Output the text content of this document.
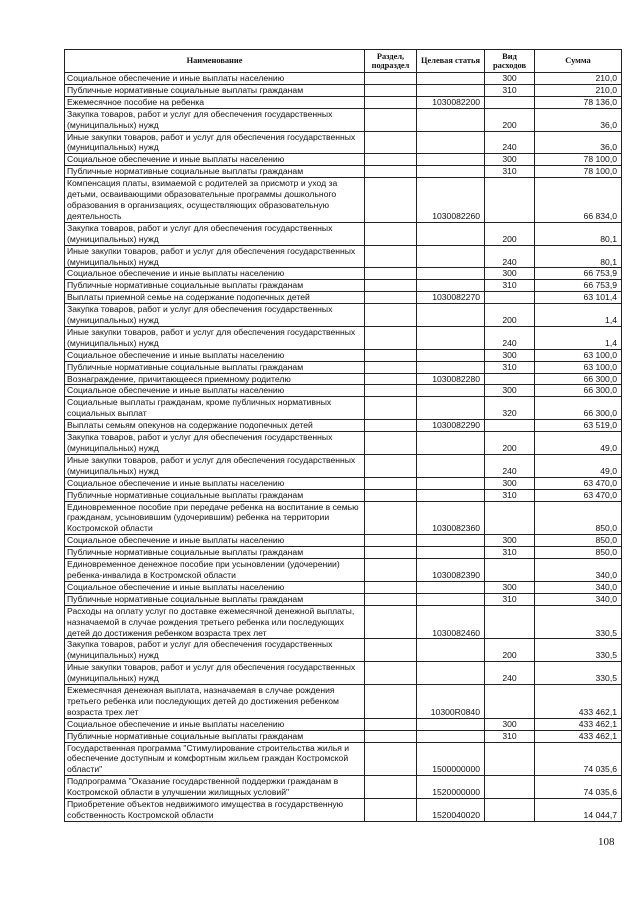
Наименование	Раздел, подраздел	Целевая статья	Вид расходов	Сумма
Социальное обеспечение и иные выплаты населению			300	210,0
Публичные нормативные социальные выплаты гражданам			310	210,0
Ежемесячное пособие на ребенка		1030082200		78 136,0
Закупка товаров, работ и услуг для обеспечения государственных (муниципальных) нужд			200	36,0
Иные закупки товаров, работ и услуг для обеспечения государственных (муниципальных) нужд			240	36,0
Социальное обеспечение и иные выплаты населению			300	78 100,0
Публичные нормативные социальные выплаты гражданам			310	78 100,0
Компенсация платы, взимаемой с родителей за присмотр и уход за детьми, осваивающими образовательные программы дошкольного образования в организациях, осуществляющих образовательную деятельность		1030082260		66 834,0
Закупка товаров, работ и услуг для обеспечения государственных (муниципальных) нужд			200	80,1
Иные закупки товаров, работ и услуг для обеспечения государственных (муниципальных) нужд			240	80,1
Социальное обеспечение и иные выплаты населению			300	66 753,9
Публичные нормативные социальные выплаты гражданам			310	66 753,9
Выплаты приемной семье на содержание подопечных детей		1030082270		63 101,4
Закупка товаров, работ и услуг для обеспечения государственных (муниципальных) нужд			200	1,4
Иные закупки товаров, работ и услуг для обеспечения государственных (муниципальных) нужд			240	1,4
Социальное обеспечение и иные выплаты населению			300	63 100,0
Публичные нормативные социальные выплаты гражданам			310	63 100,0
Вознаграждение, причитающееся приемному родителю		1030082280		66 300,0
Социальное обеспечение и иные выплаты населению			300	66 300,0
Социальные выплаты гражданам, кроме публичных нормативных социальных выплат			320	66 300,0
Выплаты семьям опекунов на содержание подопечных детей		1030082290		63 519,0
Закупка товаров, работ и услуг для обеспечения государственных (муниципальных) нужд			200	49,0
Иные закупки товаров, работ и услуг для обеспечения государственных (муниципальных) нужд			240	49,0
Социальное обеспечение и иные выплаты населению			300	63 470,0
Публичные нормативные социальные выплаты гражданам			310	63 470,0
Единовременное пособие при передаче ребенка на воспитание в семью гражданам, усыновившим (удочерившим) ребенка на территории Костромской области		1030082360		850,0
Социальное обеспечение и иные выплаты населению			300	850,0
Публичные нормативные социальные выплаты гражданам			310	850,0
Единовременное денежное пособие при усыновлении (удочерении) ребенка-инвалида в Костромской области		1030082390		340,0
Социальное обеспечение и иные выплаты населению			300	340,0
Публичные нормативные социальные выплаты гражданам			310	340,0
Расходы на оплату услуг по доставке ежемесячной денежной выплаты, назначаемой в случае рождения третьего ребенка или последующих детей до достижения ребенком возраста трех лет		1030082460		330,5
Закупка товаров, работ и услуг для обеспечения государственных (муниципальных) нужд			200	330,5
Иные закупки товаров, работ и услуг для обеспечения государственных (муниципальных) нужд			240	330,5
Ежемесячная денежная выплата, назначаемая в случае рождения третьего ребенка или последующих детей до достижения ребенком возраста трех лет		10300R0840		433 462,1
Социальное обеспечение и иные выплаты населению			300	433 462,1
Публичные нормативные социальные выплаты гражданам			310	433 462,1
Государственная программа "Стимулирование строительства жилья и обеспечение доступным и комфортным жильем граждан Костромской области"		1500000000		74 035,6
Подпрограмма "Оказание государственной поддержки гражданам в Костромской области в улучшении жилищных условий"		1520000000		74 035,6
Приобретение объектов недвижимого имущества в государственную собственность Костромской области		1520040020		14 044,7
108
